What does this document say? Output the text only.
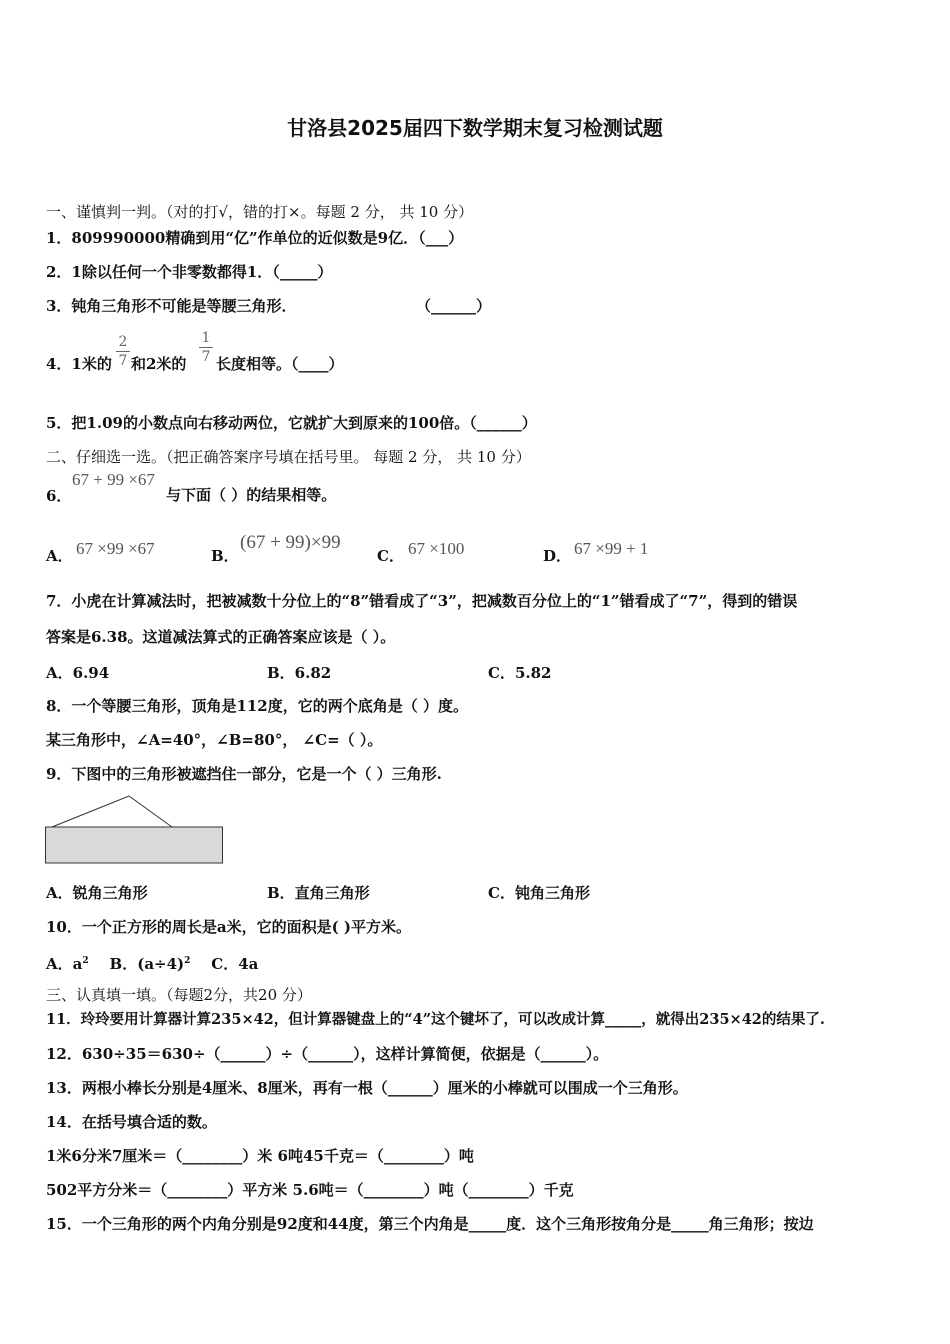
甘洛县2025届四下数学期末复习检测试题
一、谨慎判一判。（对的打√，错的打×。每题 2 分， 共 10 分）
1．809990000精确到用“亿”作单位的近似数是9亿．（___）
2．1除以任何一个非零数都得1．（_____）
3．钝角三角形不可能是等腰三角形．	（______）
4．1米的
2
7 和2米的
1
7 长度相等。（____）
5．把1.09的小数点向右移动两位，它就扩大到原来的100倍。（______）
二、仔细选一选。（把正确答案序号填在括号里。 每题 2 分， 共 10 分）
6．
67 + 99 ×67
与下面（ ）的结果相等。
A． 67 ×99 ×67	B．
(67 + 99)×99
C． 67 ×100	D． 67 ×99 + 1
7．小虎在计算减法时，把被减数十分位上的“8”错看成了“3”，把减数百分位上的“1”错看成了“7”，得到的错误
答案是6.38。这道减法算式的正确答案应该是（ ）。
A．6.94	B．6.82	C．5.82
8．一个等腰三角形，顶角是112度，它的两个底角是（ ）度。
某三角形中，∠A=40°，∠B=80°， ∠C=（ ）。
9．下图中的三角形被遮挡住一部分，它是一个（ ）三角形.
A．锐角三角形	B．直角三角形	C．钝角三角形
10．一个正方形的周长是a米，它的面积是( )平方米。
A．$a^2$ B．$(a\div 4)^2$ C．4a
三、认真填一填。（每题2分，共20 分）
11．玲玲要用计算器计算235×42，但计算器键盘上的“4”这个键坏了，可以改成计算_____，就得出235×42的结果了.
12．630÷35＝630÷（______）÷（______），这样计算简便，依据是（______）。
13．两根小棒长分别是4厘米、8厘米，再有一根（______）厘米的小棒就可以围成一个三角形。
14．在括号填合适的数。
1米6分米7厘米＝（________）米 6吨45千克＝（________）吨
502平方分米＝（________）平方米 5.6吨＝（________）吨（________）千克
15．一个三角形的两个内角分别是92度和44度，第三个内角是_____度．这个三角形按角分是_____角三角形；按边
